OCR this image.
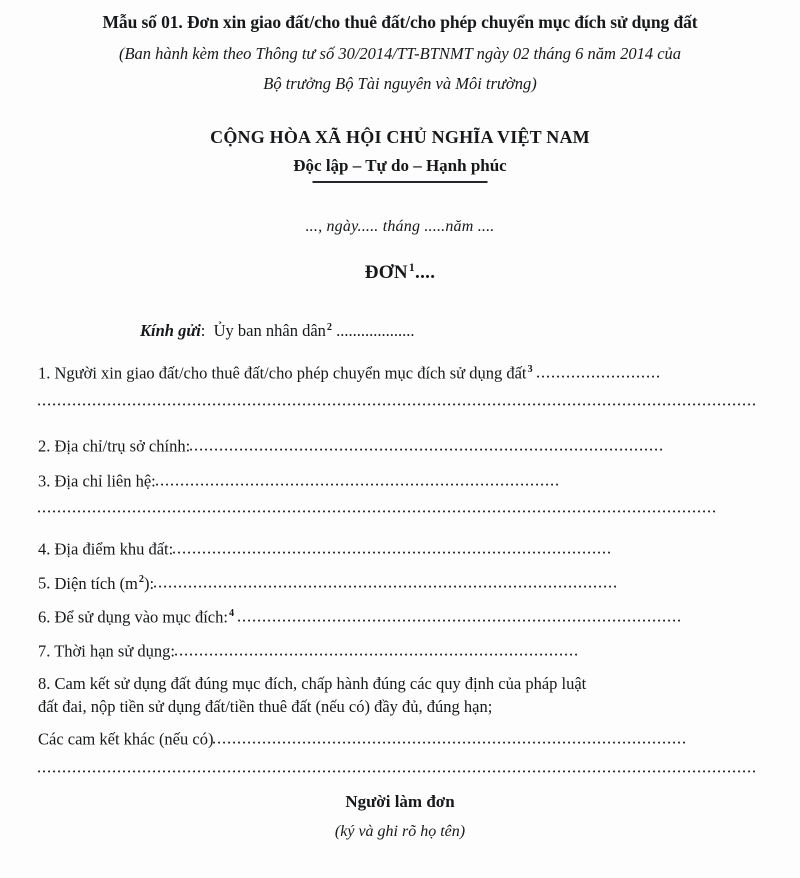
Mẫu số 01. Đơn xin giao đất/cho thuê đất/cho phép chuyển mục đích sử dụng đất
(Ban hành kèm theo Thông tư số 30/2014/TT-BTNMT ngày 02 tháng 6 năm 2014 của
Bộ trưởng Bộ Tài nguyên và Môi trường)
CỘNG HÒA XÃ HỘI CHỦ NGHĨA VIỆT NAM
Độc lập – Tự do – Hạnh phúc
..., ngày..... tháng .....năm ....
ĐƠN$^1$....
Kính gửi: Ủy ban nhân dân$^2$ ...................
1. Người xin giao đất/cho thuê đất/cho phép chuyển mục đích sử dụng đất$^3$
2. Địa chỉ/trụ sở chính:
3. Địa chỉ liên hệ:
4. Địa điểm khu đất:
5. Diện tích $(m^2)$:
6. Để sử dụng vào mục đích:$^4$
7. Thời hạn sử dụng:
8. Cam kết sử dụng đất đúng mục đích, chấp hành đúng các quy định của pháp luật
đất đai, nộp tiền sử dụng đất/tiền thuê đất (nếu có) đầy đủ, đúng hạn;
Các cam kết khác (nếu có)
Người làm đơn
(ký và ghi rõ họ tên)
